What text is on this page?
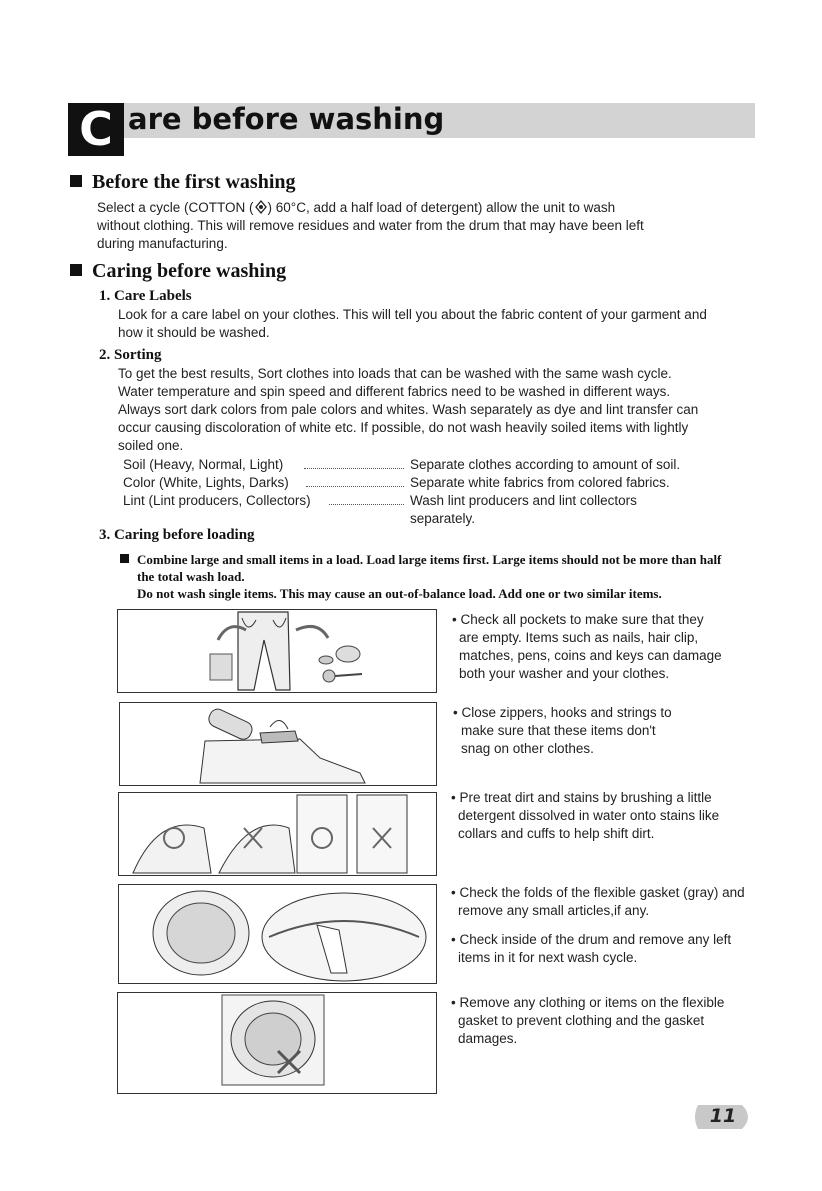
C are before washing
Before the first washing
Select a cycle (COTTON ( ) 60°C, add a half load of detergent) allow the unit to wash
without clothing. This will remove residues and water from the drum that may have been left
during manufacturing.
Caring before washing
1. Care Labels
Look for a care label on your clothes. This will tell you about the fabric content of your garment and
how it should be washed.
2. Sorting
To get the best results, Sort clothes into loads that can be washed with the same wash cycle.
Water temperature and spin speed and different fabrics need to be washed in different ways.
Always sort dark colors from pale colors and whites. Wash separately as dye and lint transfer can
occur causing discoloration of white etc. If possible, do not wash heavily soiled items with lightly
soiled one.
Soil (Heavy, Normal, Light)	Separate clothes according to amount of soil.
Color (White, Lights, Darks)	Separate white fabrics from colored fabrics.
Lint (Lint producers, Collectors)	Wash lint producers and lint collectors
separately.
3. Caring before loading
Combine large and small items in a load. Load large items first. Large items should not be more than half
the total wash load.
Do not wash single items. This may cause an out-of-balance load. Add one or two similar items.
• Check all pockets to make sure that they
are empty. Items such as nails, hair clip,
matches, pens, coins and keys can damage
both your washer and your clothes.
• Close zippers, hooks and strings to
make sure that these items don't
snag on other clothes.
• Pre treat dirt and stains by brushing a little
detergent dissolved in water onto stains like
collars and cuffs to help shift dirt.
• Check the folds of the flexible gasket (gray) and
remove any small articles,if any.
• Check inside of the drum and remove any left
items in it for next wash cycle.
• Remove any clothing or items on the flexible
gasket to prevent clothing and the gasket
damages.
11
